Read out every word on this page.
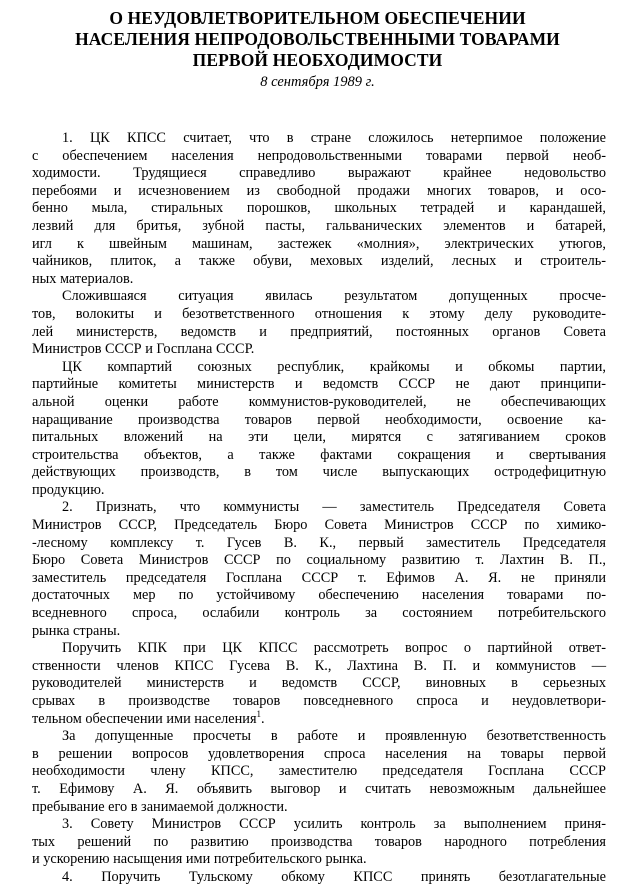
О НЕУДОВЛЕТВОРИТЕЛЬНОМ ОБЕСПЕЧЕНИИ
НАСЕЛЕНИЯ НЕПРОДОВОЛЬСТВЕННЫМИ ТОВАРАМИ
ПЕРВОЙ НЕОБХОДИМОСТИ
8 сентября 1989 г.
1. ЦК КПСС считает, что в стране сложилось нетерпимое положение
с обеспечением населения непродовольственными товарами первой необ-
ходимости. Трудящиеся справедливо выражают крайнее недовольство
перебоями и исчезновением из свободной продажи многих товаров, и осо-
бенно мыла, стиральных порошков, школьных тетрадей и карандашей,
лезвий для бритья, зубной пасты, гальванических элементов и батарей,
игл к швейным машинам, застежек «молния», электрических утюгов,
чайников, плиток, а также обуви, меховых изделий, лесных и строитель-
ных материалов.
Сложившаяся ситуация явилась результатом допущенных просче-
тов, волокиты и безответственного отношения к этому делу руководите-
лей министерств, ведомств и предприятий, постоянных органов Совета
Министров СССР и Госплана СССР.
ЦК компартий союзных республик, крайкомы и обкомы партии,
партийные комитеты министерств и ведомств СССР не дают принципи-
альной оценки работе коммунистов-руководителей, не обеспечивающих
наращивание производства товаров первой необходимости, освоение ка-
питальных вложений на эти цели, мирятся с затягиванием сроков
строительства объектов, а также фактами сокращения и свертывания
действующих производств, в том числе выпускающих остродефицитную
продукцию.
2. Признать, что коммунисты — заместитель Председателя Совета
Министров СССР, Председатель Бюро Совета Министров СССР по химико-
-лесному комплексу т. Гусев В. К., первый заместитель Председателя
Бюро Совета Министров СССР по социальному развитию т. Лахтин В. П.,
заместитель председателя Госплана СССР т. Ефимов А. Я. не приняли
достаточных мер по устойчивому обеспечению населения товарами по-
вседневного спроса, ослабили контроль за состоянием потребительского
рынка страны.
Поручить КПК при ЦК КПСС рассмотреть вопрос о партийной ответ-
ственности членов КПСС Гусева В. К., Лахтина В. П. и коммунистов —
руководителей министерств и ведомств СССР, виновных в серьезных
срывах в производстве товаров повседневного спроса и неудовлетвори-
тельном обеспечении ими населения$^1$.
За допущенные просчеты в работе и проявленную безответственность
в решении вопросов удовлетворения спроса населения на товары первой
необходимости члену КПСС, заместителю председателя Госплана СССР
т. Ефимову А. Я. объявить выговор и считать невозможным дальнейшее
пребывание его в занимаемой должности.
3. Совету Министров СССР усилить контроль за выполнением приня-
тых решений по развитию производства товаров народного потребления
и ускорению насыщения ими потребительского рынка.
4. Поручить Тульскому обкому КПСС принять безотлагательные
